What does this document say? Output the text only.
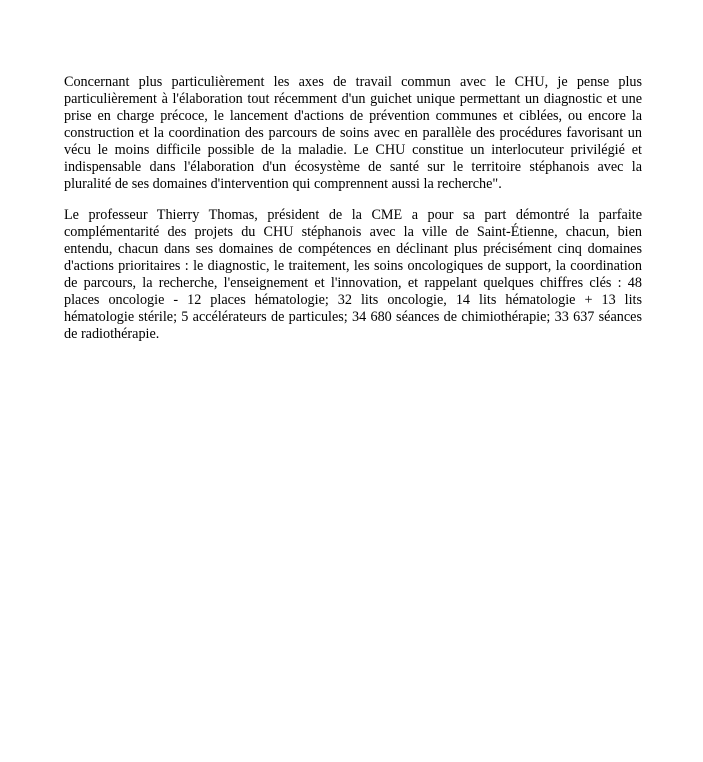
Concernant plus particulièrement les axes de travail commun avec le CHU, je pense plus
particulièrement à l'élaboration tout récemment d'un guichet unique permettant un diagnostic et une
prise en charge précoce, le lancement d'actions de prévention communes et ciblées, ou encore la
construction et la coordination des parcours de soins avec en parallèle des procédures favorisant un
vécu le moins difficile possible de la maladie. Le CHU constitue un interlocuteur privilégié et
indispensable dans l'élaboration d'un écosystème de santé sur le territoire stéphanois avec la
pluralité de ses domaines d'intervention qui comprennent aussi la recherche".
Le professeur Thierry Thomas, président de la CME a pour sa part démontré la parfaite
complémentarité des projets du CHU stéphanois avec la ville de Saint-Étienne, chacun, bien
entendu, chacun dans ses domaines de compétences en déclinant plus précisément cinq domaines
d'actions prioritaires : le diagnostic, le traitement, les soins oncologiques de support, la coordination
de parcours, la recherche, l'enseignement et l'innovation, et rappelant quelques chiffres clés : 48
places oncologie - 12 places hématologie; 32 lits oncologie, 14 lits hématologie + 13 lits
hématologie stérile; 5 accélérateurs de particules; 34 680 séances de chimiothérapie; 33 637 séances
de radiothérapie.
